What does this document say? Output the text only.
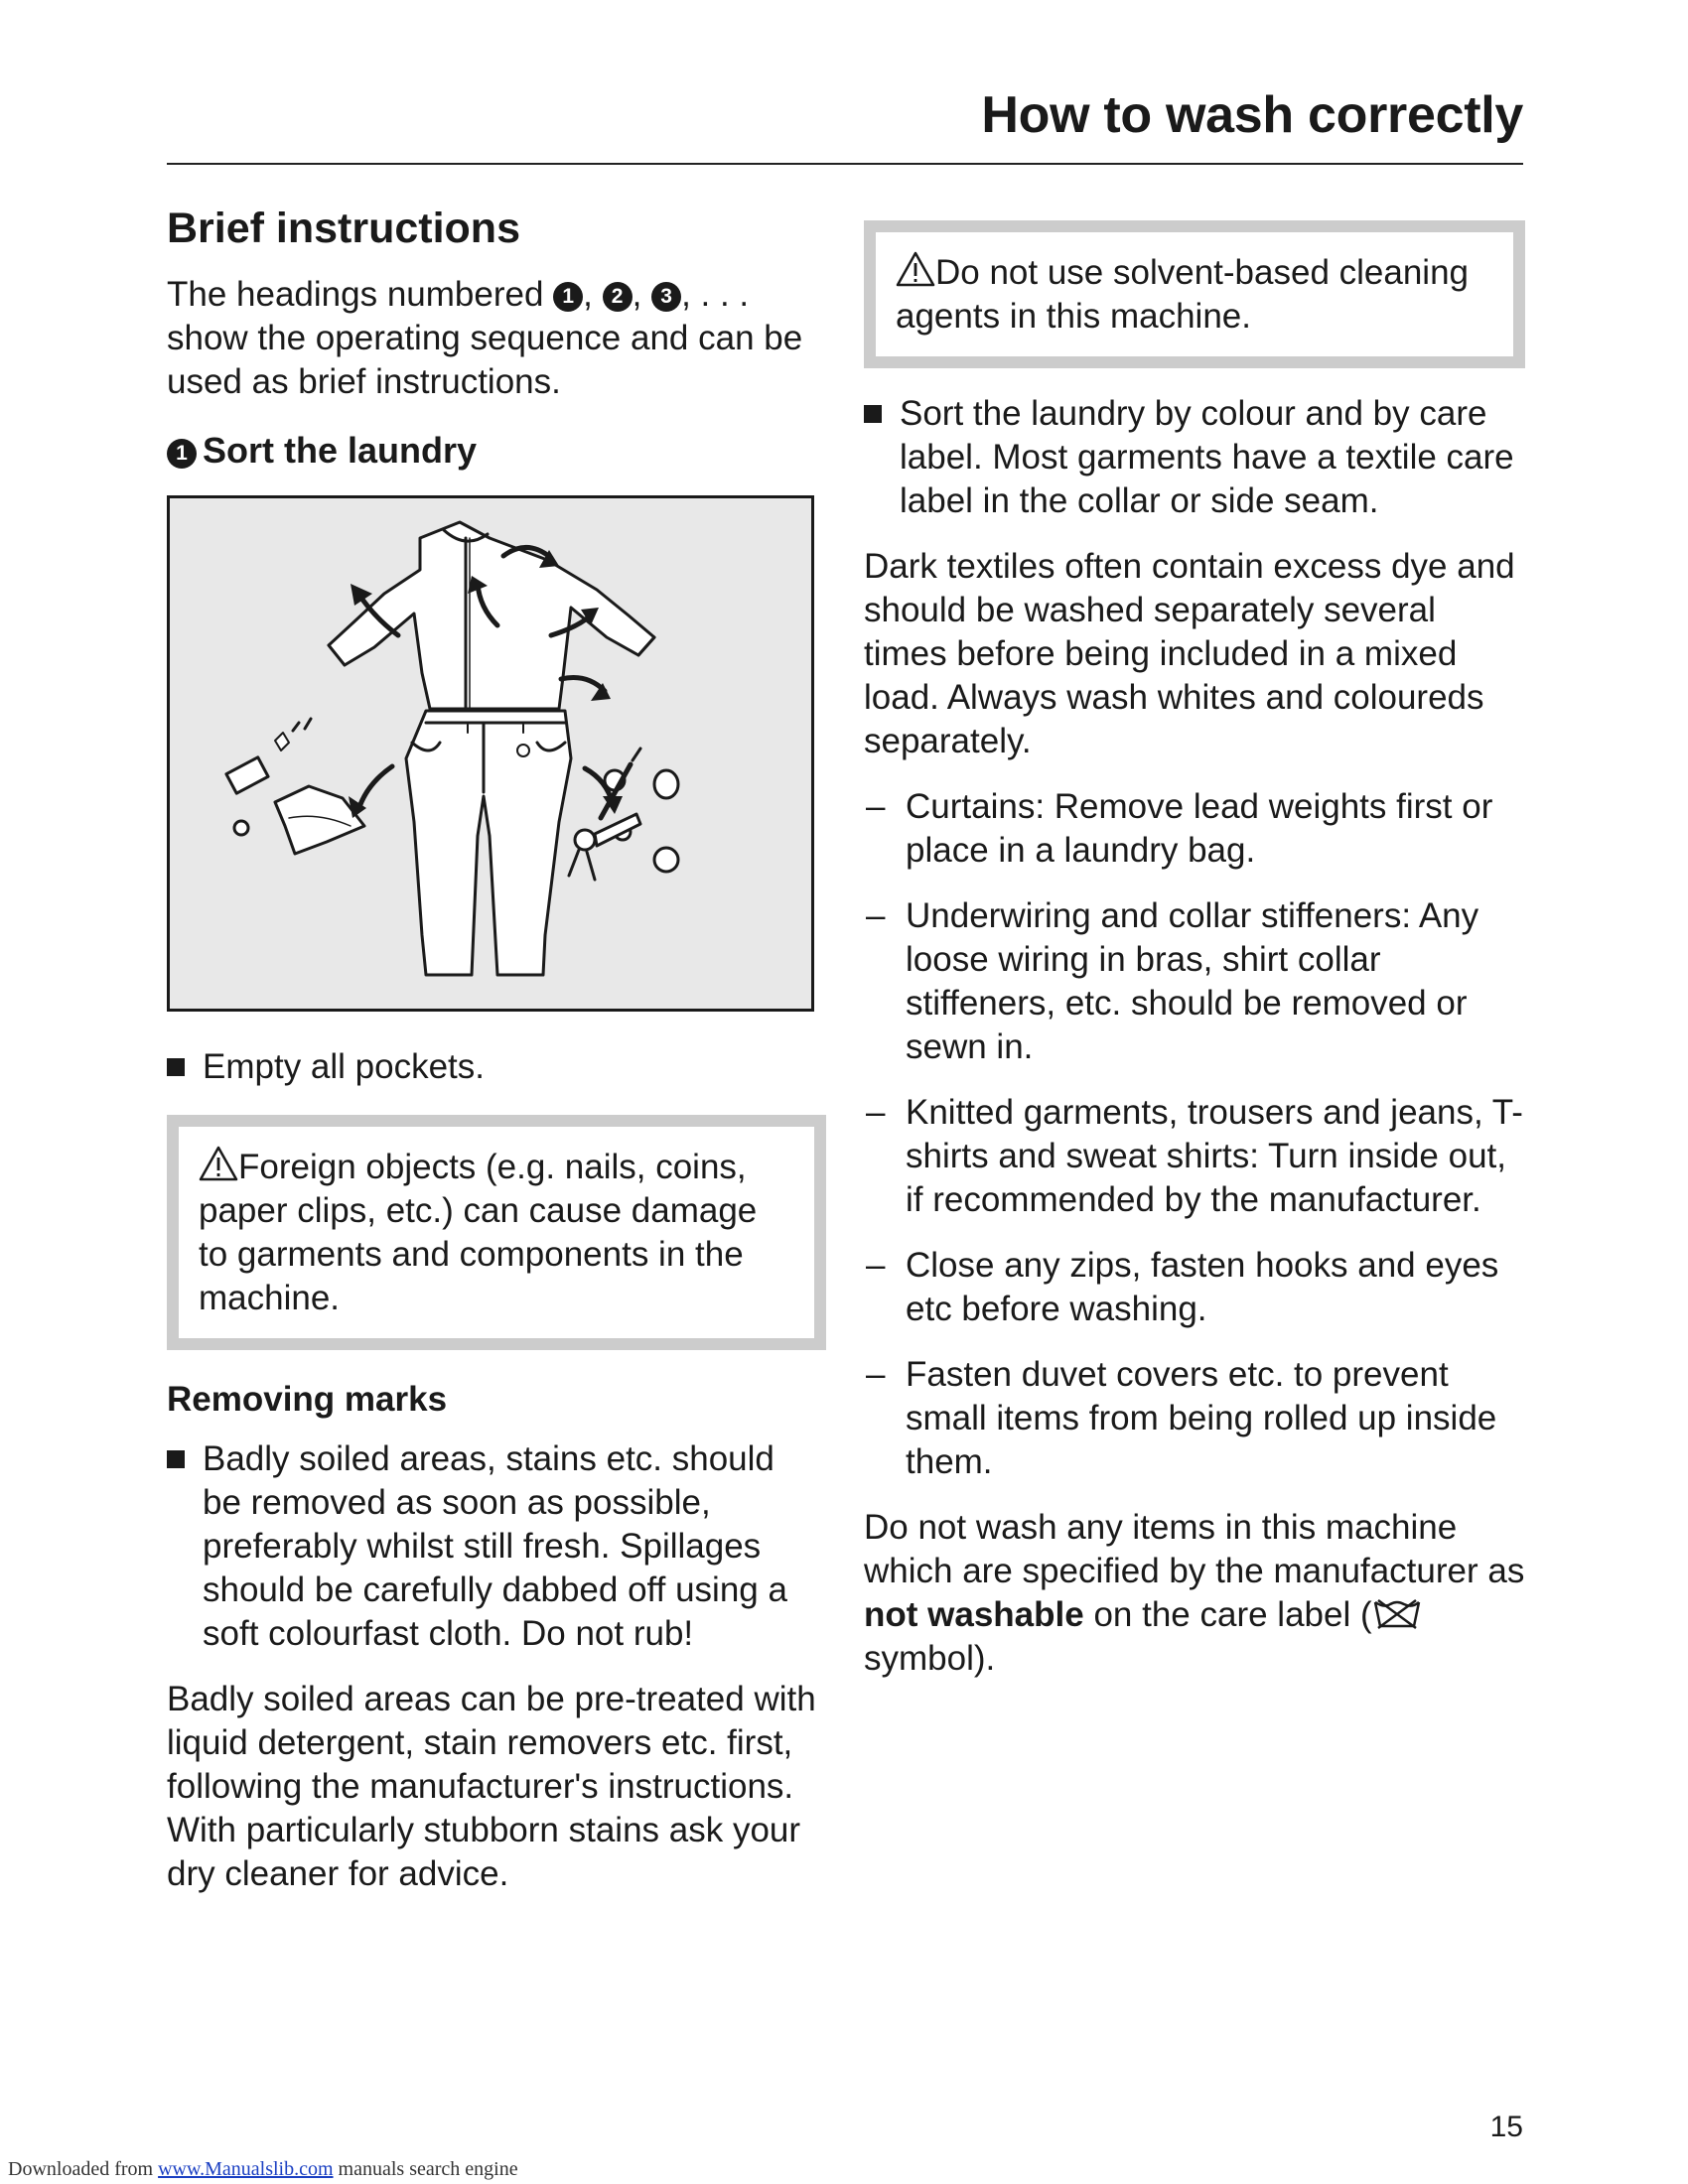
How to wash correctly
Brief instructions

The headings numbered 1 , 2 , 3 , . . . show the operating sequence and can be used as brief instructions.

1 Sort the laundry
Empty all pockets.
Foreign objects (e.g. nails, coins, paper clips, etc.) can cause damage to garments and components in the machine.
Removing marks
Badly soiled areas, stains etc. should be removed as soon as possible, preferably whilst still fresh. Spillages should be carefully dabbed off using a soft colourfast cloth. Do not rub!

Badly soiled areas can be pre-treated with liquid detergent, stain removers etc. first, following the manufacturer's instructions. With particularly stubborn stains ask your dry cleaner for advice.

Do not use solvent-based cleaning agents in this machine.
Sort the laundry by colour and by care label. Most garments have a textile care label in the collar or side seam.

Dark textiles often contain excess dye and should be washed separately several times before being included in a mixed load. Always wash whites and coloureds separately.

– Curtains: Remove lead weights first or place in a laundry bag.
– Underwiring and collar stiffeners: Any loose wiring in bras, shirt collar stiffeners, etc. should be removed or sewn in.
– Knitted garments, trousers and jeans, T-shirts and sweat shirts: Turn inside out, if recommended by the manufacturer.
– Close any zips, fasten hooks and eyes etc before washing.
– Fasten duvet covers etc. to prevent small items from being rolled up inside them.

Do not wash any items in this machine which are specified by the manufacturer as not washable on the care label ( symbol).

15
Downloaded from www.Manualslib.com manuals search engine
